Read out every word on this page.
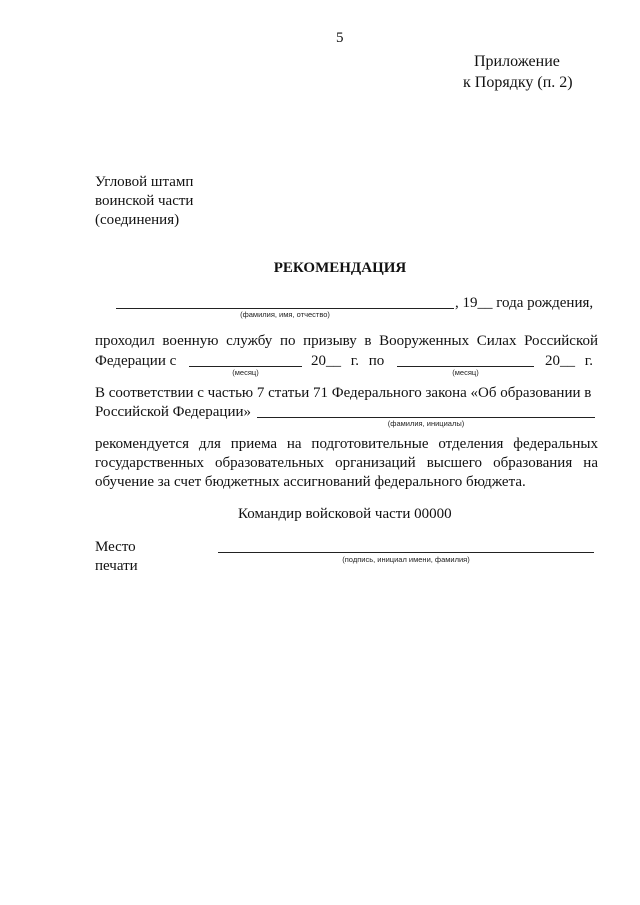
5
Приложение
к Порядку (п. 2)
Угловой штамп
воинской части
(соединения)
РЕКОМЕНДАЦИЯ
, 19__ года рождения,
(фамилия, имя, отчество)
проходил военную службу по призыву в Вооруженных Силах Российской
Федерации с
(месяц)
20__ г. по
(месяц)
20__ г.
В соответствии с частью 7 статьи 71 Федерального закона «Об образовании в
Российской Федерации»
(фамилия, инициалы)
рекомендуется для приема на подготовительные отделения федеральных
государственных образовательных организаций высшего образования на
обучение за счет бюджетных ассигнований федерального бюджета.
Командир войсковой части 00000
Место
печати	(подпись, инициал имени, фамилия)
